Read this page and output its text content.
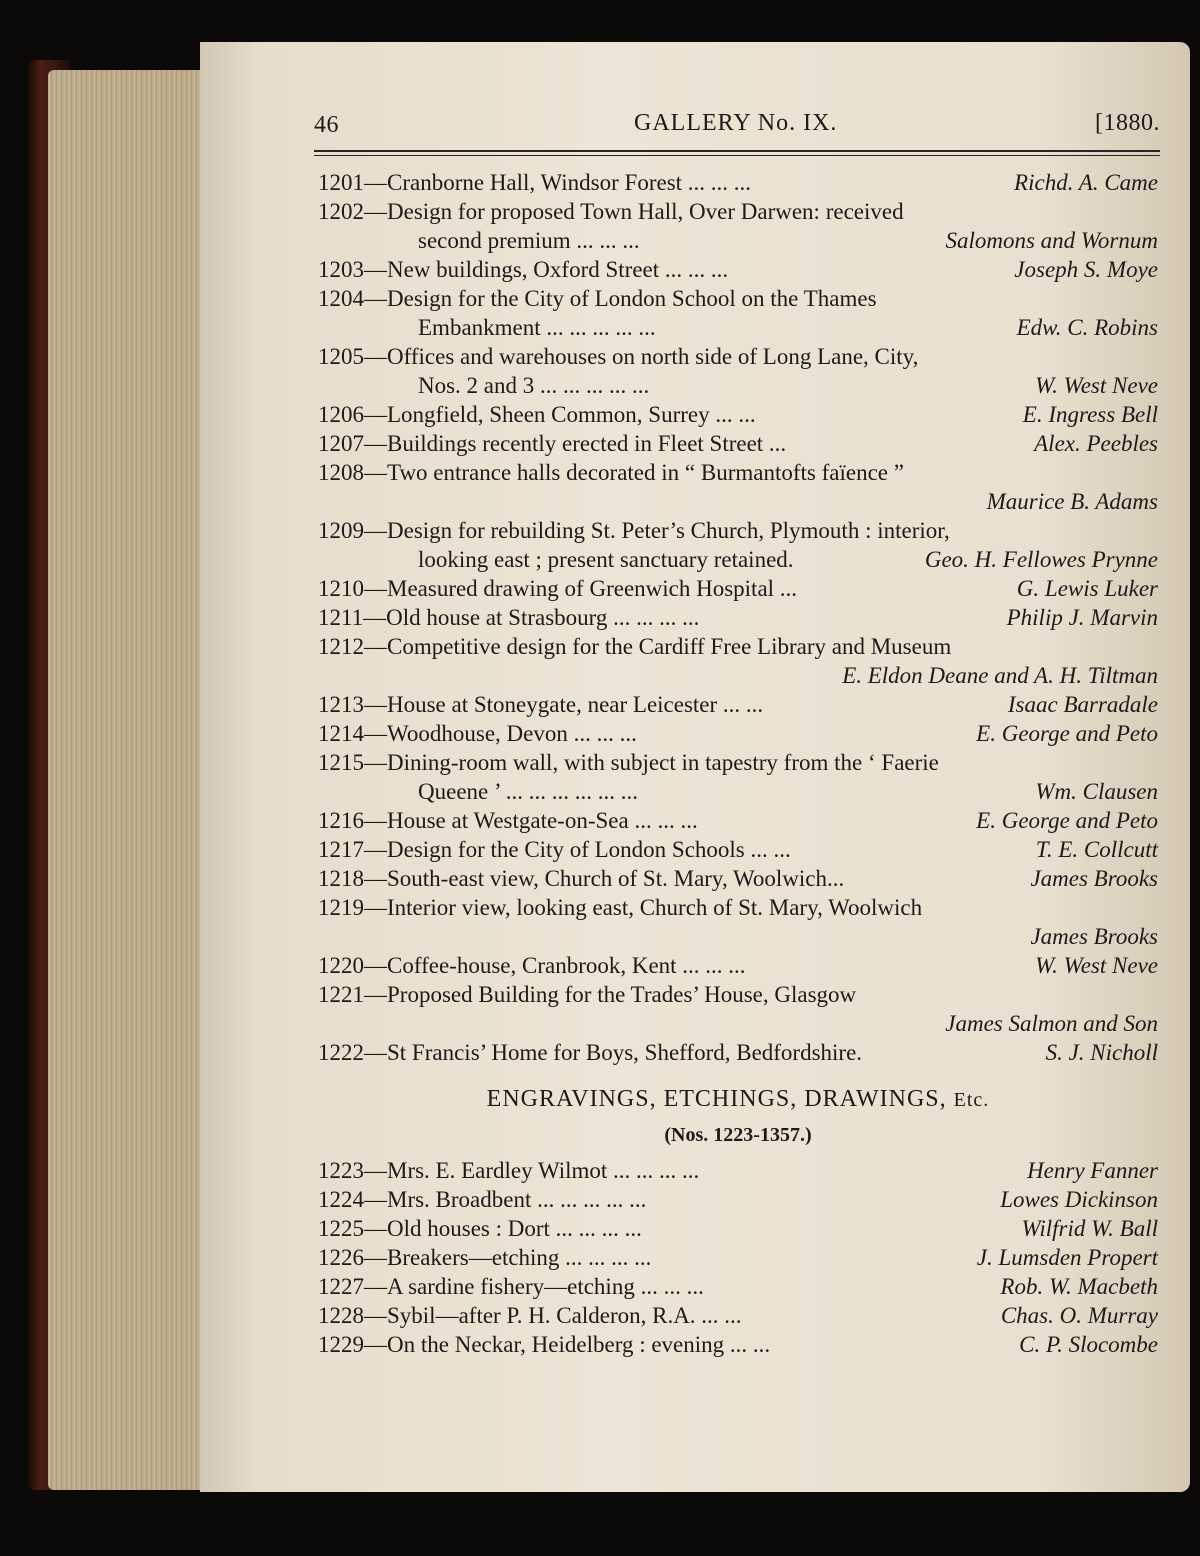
46	GALLERY No. IX.	[1880.
1201—Cranborne Hall, Windsor Forest ... ... ...	Richd. A. Came
1202—Design for proposed Town Hall, Over Darwen: received
second premium ... ... ...	Salomons and Wornum
1203—New buildings, Oxford Street ... ... ...	Joseph S. Moye
1204—Design for the City of London School on the Thames
Embankment ... ... ... ... ...	Edw. C. Robins
1205—Offices and warehouses on north side of Long Lane, City,
Nos. 2 and 3 ... ... ... ... ...	W. West Neve
1206—Longfield, Sheen Common, Surrey ... ...	E. Ingress Bell
1207—Buildings recently erected in Fleet Street ...	Alex. Peebles
1208—Two entrance halls decorated in “ Burmantofts faïence ”
Maurice B. Adams
1209—Design for rebuilding St. Peter’s Church, Plymouth : interior,
looking east ; present sanctuary retained.	Geo. H. Fellowes Prynne
1210—Measured drawing of Greenwich Hospital ...	G. Lewis Luker
1211—Old house at Strasbourg ... ... ... ...	Philip J. Marvin
1212—Competitive design for the Cardiff Free Library and Museum
E. Eldon Deane and A. H. Tiltman
1213—House at Stoneygate, near Leicester ... ...	Isaac Barradale
1214—Woodhouse, Devon ... ... ...	E. George and Peto
1215—Dining-room wall, with subject in tapestry from the ‘ Faerie
Queene ’ ... ... ... ... ... ...	Wm. Clausen
1216—House at Westgate-on-Sea ... ... ...	E. George and Peto
1217—Design for the City of London Schools ... ...	T. E. Collcutt
1218—South-east view, Church of St. Mary, Woolwich...	James Brooks
1219—Interior view, looking east, Church of St. Mary, Woolwich
James Brooks
1220—Coffee-house, Cranbrook, Kent ... ... ...	W. West Neve
1221—Proposed Building for the Trades’ House, Glasgow
James Salmon and Son
1222—St Francis’ Home for Boys, Shefford, Bedfordshire.	S. J. Nicholl
ENGRAVINGS, ETCHINGS, DRAWINGS, Etc.
(Nos. 1223-1357.)
1223—Mrs. E. Eardley Wilmot ... ... ... ...	Henry Fanner
1224—Mrs. Broadbent ... ... ... ... ...	Lowes Dickinson
1225—Old houses : Dort ... ... ... ...	Wilfrid W. Ball
1226—Breakers—etching ... ... ... ...	J. Lumsden Propert
1227—A sardine fishery—etching ... ... ...	Rob. W. Macbeth
1228—Sybil—after P. H. Calderon, R.A. ... ...	Chas. O. Murray
1229—On the Neckar, Heidelberg : evening ... ...	C. P. Slocombe
